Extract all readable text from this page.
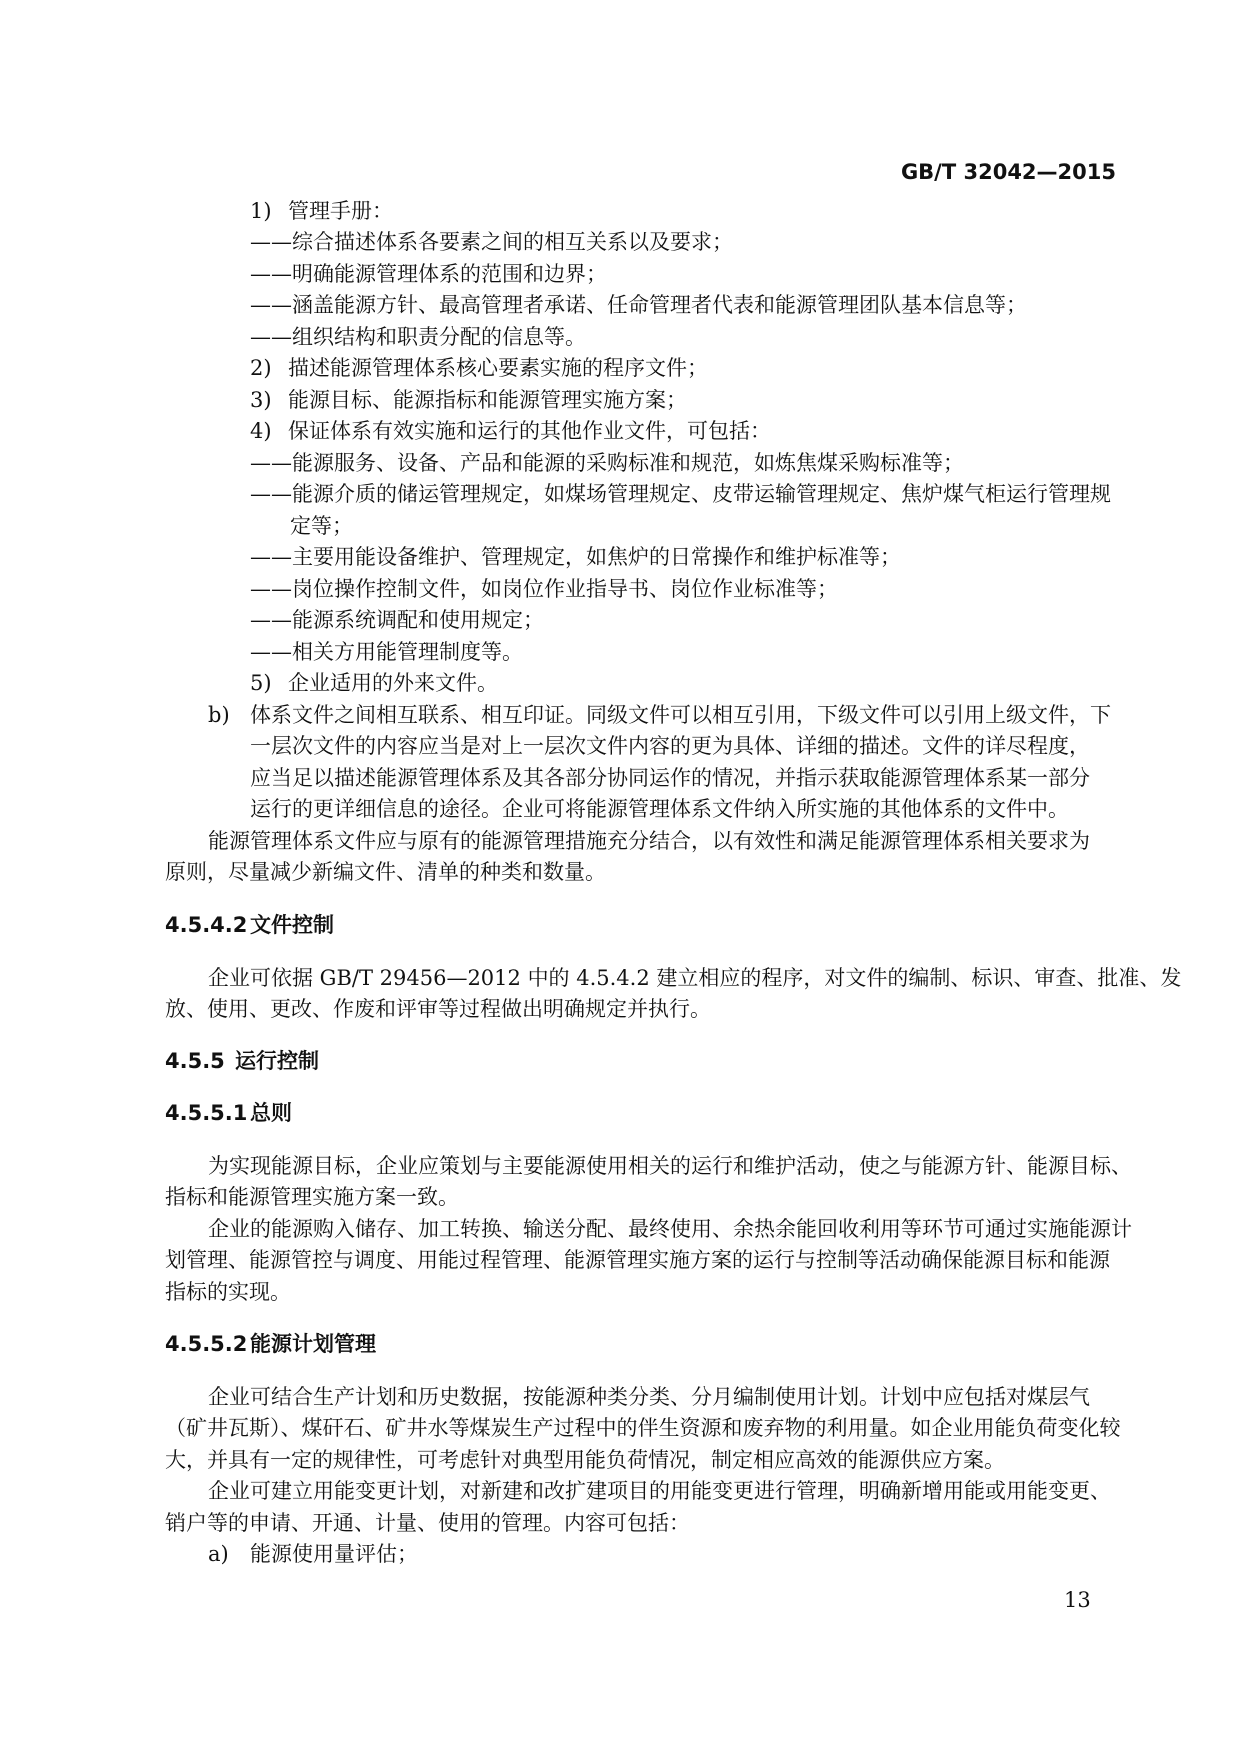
GB/T 32042—2015
1) 管理手册：
——综合描述体系各要素之间的相互关系以及要求；
——明确能源管理体系的范围和边界；
——涵盖能源方针、最高管理者承诺、任命管理者代表和能源管理团队基本信息等；
——组织结构和职责分配的信息等。
2) 描述能源管理体系核心要素实施的程序文件；
3) 能源目标、能源指标和能源管理实施方案；
4) 保证体系有效实施和运行的其他作业文件，可包括：
——能源服务、设备、产品和能源的采购标准和规范，如炼焦煤采购标准等；
——能源介质的储运管理规定，如煤场管理规定、皮带运输管理规定、焦炉煤气柜运行管理规
定等；
——主要用能设备维护、管理规定，如焦炉的日常操作和维护标准等；
——岗位操作控制文件，如岗位作业指导书、岗位作业标准等；
——能源系统调配和使用规定；
——相关方用能管理制度等。
5) 企业适用的外来文件。
b) 体系文件之间相互联系、相互印证。同级文件可以相互引用，下级文件可以引用上级文件，下
一层次文件的内容应当是对上一层次文件内容的更为具体、详细的描述。文件的详尽程度，
应当足以描述能源管理体系及其各部分协同运作的情况，并指示获取能源管理体系某一部分
运行的更详细信息的途径。企业可将能源管理体系文件纳入所实施的其他体系的文件中。
能源管理体系文件应与原有的能源管理措施充分结合，以有效性和满足能源管理体系相关要求为
原则，尽量减少新编文件、清单的种类和数量。
4.5.4.2 文件控制
企业可依据 GB/T 29456—2012 中的 4.5.4.2 建立相应的程序，对文件的编制、标识、审查、批准、发
放、使用、更改、作废和评审等过程做出明确规定并执行。
4.5.5 运行控制
4.5.5.1 总则
为实现能源目标，企业应策划与主要能源使用相关的运行和维护活动，使之与能源方针、能源目标、
指标和能源管理实施方案一致。
企业的能源购入储存、加工转换、输送分配、最终使用、余热余能回收利用等环节可通过实施能源计
划管理、能源管控与调度、用能过程管理、能源管理实施方案的运行与控制等活动确保能源目标和能源
指标的实现。
4.5.5.2 能源计划管理
企业可结合生产计划和历史数据，按能源种类分类、分月编制使用计划。计划中应包括对煤层气
（矿井瓦斯）、煤矸石、矿井水等煤炭生产过程中的伴生资源和废弃物的利用量。如企业用能负荷变化较
大，并具有一定的规律性，可考虑针对典型用能负荷情况，制定相应高效的能源供应方案。
企业可建立用能变更计划，对新建和改扩建项目的用能变更进行管理，明确新增用能或用能变更、
销户等的申请、开通、计量、使用的管理。内容可包括：
a) 能源使用量评估；
13
